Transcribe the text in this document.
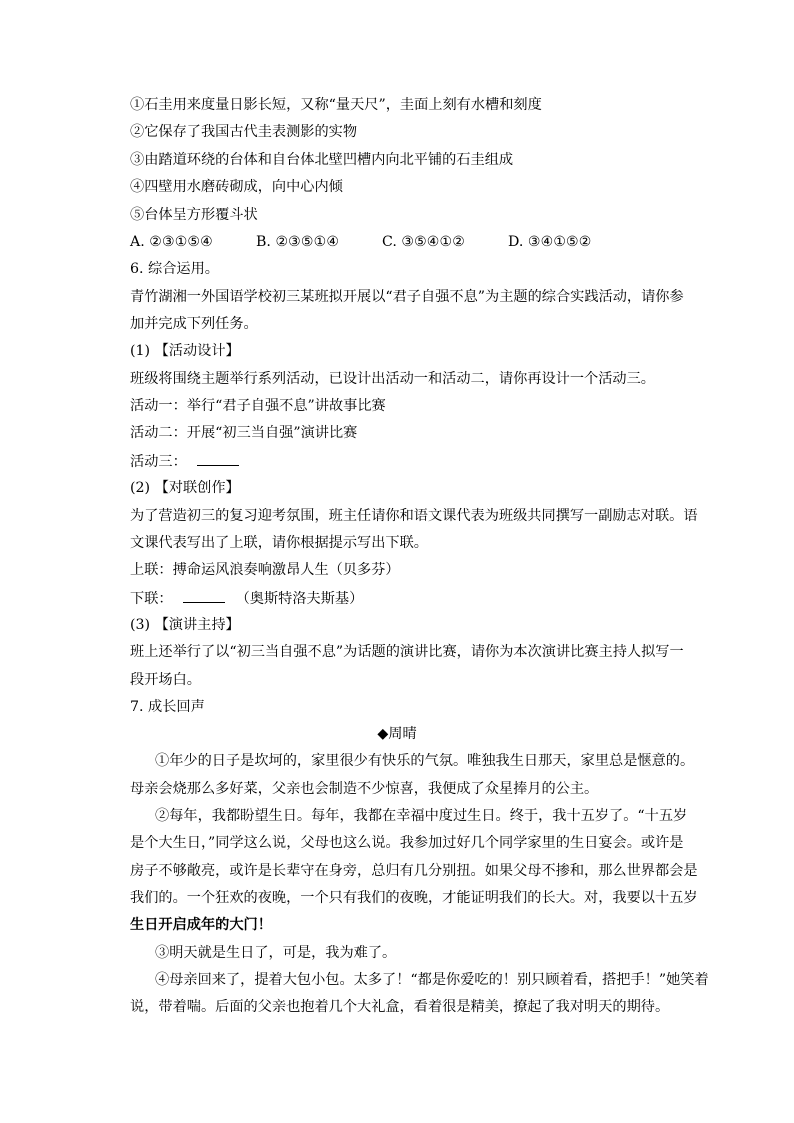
①石圭用来度量日影长短，又称“量天尺”，圭面上刻有水槽和刻度
②它保存了我国古代圭表测影的实物
③由踏道环绕的台体和自台体北壁凹槽内向北平铺的石圭组成
④四壁用水磨砖砌成，向中心内倾
⑤台体呈方形覆斗状
A. ②③①⑤④	B. ②③⑤①④	C. ③⑤④①②	D. ③④①⑤②
6. 综合运用。
青竹湖湘一外国语学校初三某班拟开展以“君子自强不息”为主题的综合实践活动，请你参
加并完成下列任务。
(1) 【活动设计】
班级将围绕主题举行系列活动，已设计出活动一和活动二，请你再设计一个活动三。
活动一：举行“君子自强不息”讲故事比赛
活动二：开展“初三当自强”演讲比赛
活动三：
(2) 【对联创作】
为了营造初三的复习迎考氛围，班主任请你和语文课代表为班级共同撰写一副励志对联。语
文课代表写出了上联，请你根据提示写出下联。
上联：搏命运风浪奏响激昂人生（贝多芬）
下联：	（奥斯特洛夫斯基）
(3) 【演讲主持】
班上还举行了以“初三当自强不息”为话题的演讲比赛，请你为本次演讲比赛主持人拟写一
段开场白。
7. 成长回声
◆周晴
①年少的日子是坎坷的，家里很少有快乐的气氛。唯独我生日那天，家里总是惬意的。
母亲会烧那么多好菜，父亲也会制造不少惊喜，我便成了众星捧月的公主。
②每年，我都盼望生日。每年，我都在幸福中度过生日。终于，我十五岁了。“十五岁
是个大生日，”同学这么说，父母也这么说。我参加过好几个同学家里的生日宴会。或许是
房子不够敞亮，或许是长辈守在身旁，总归有几分别扭。如果父母不掺和，那么世界都会是
我们的。一个狂欢的夜晚，一个只有我们的夜晚，才能证明我们的长大。对，我要以十五岁
生日开启成年的大门！
③明天就是生日了，可是，我为难了。
④母亲回来了，提着大包小包。太多了！“都是你爱吃的！别只顾着看，搭把手！”她笑着
说，带着喘。后面的父亲也抱着几个大礼盒，看着很是精美，撩起了我对明天的期待。
